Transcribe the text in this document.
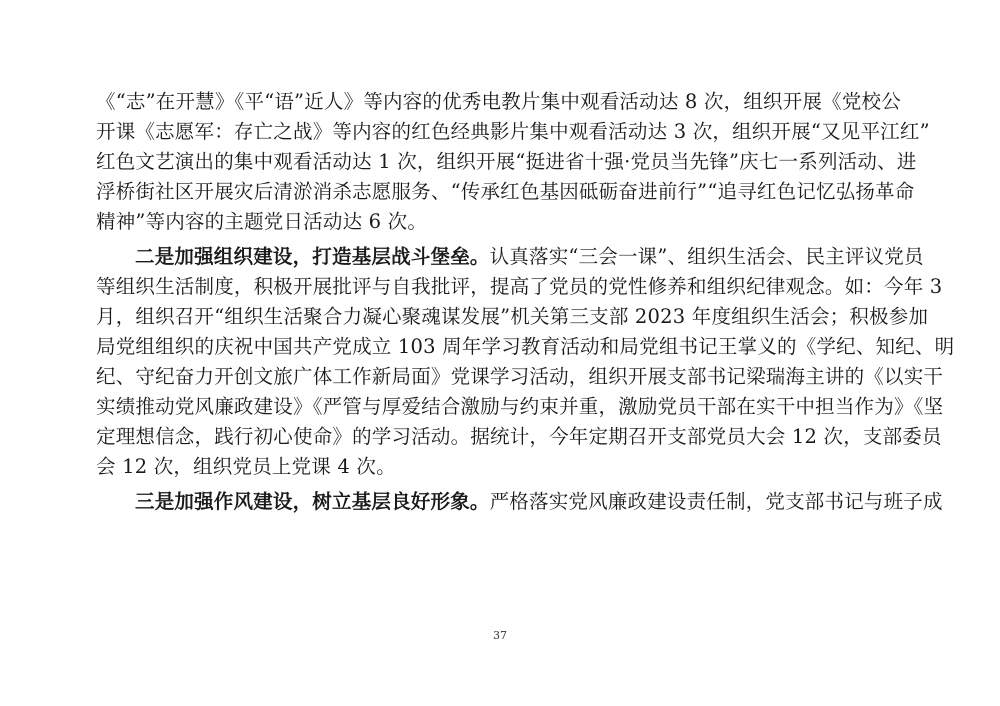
《“志”在开慧》《平“语”近人》等内容的优秀电教片集中观看活动达 8 次，组织开展《党校公
开课《志愿军：存亡之战》等内容的红色经典影片集中观看活动达 3 次，组织开展“又见平江红”
红色文艺演出的集中观看活动达 1 次，组织开展“挺进省十强·党员当先锋”庆七一系列活动、进
浮桥街社区开展灾后清淤消杀志愿服务、“传承红色基因砥砺奋进前行”“追寻红色记忆弘扬革命
精神”等内容的主题党日活动达 6 次。
二是加强组织建设，打造基层战斗堡垒。认真落实“三会一课”、组织生活会、民主评议党员
等组织生活制度，积极开展批评与自我批评，提高了党员的党性修养和组织纪律观念。如：今年 3
月，组织召开“组织生活聚合力凝心聚魂谋发展”机关第三支部 2023 年度组织生活会；积极参加
局党组组织的庆祝中国共产党成立 103 周年学习教育活动和局党组书记王掌义的《学纪、知纪、明
纪、守纪奋力开创文旅广体工作新局面》党课学习活动，组织开展支部书记梁瑞海主讲的《以实干
实绩推动党风廉政建设》《严管与厚爱结合激励与约束并重，激励党员干部在实干中担当作为》《坚
定理想信念，践行初心使命》的学习活动。据统计，今年定期召开支部党员大会 12 次，支部委员
会 12 次，组织党员上党课 4 次。
三是加强作风建设，树立基层良好形象。严格落实党风廉政建设责任制，党支部书记与班子成
37
